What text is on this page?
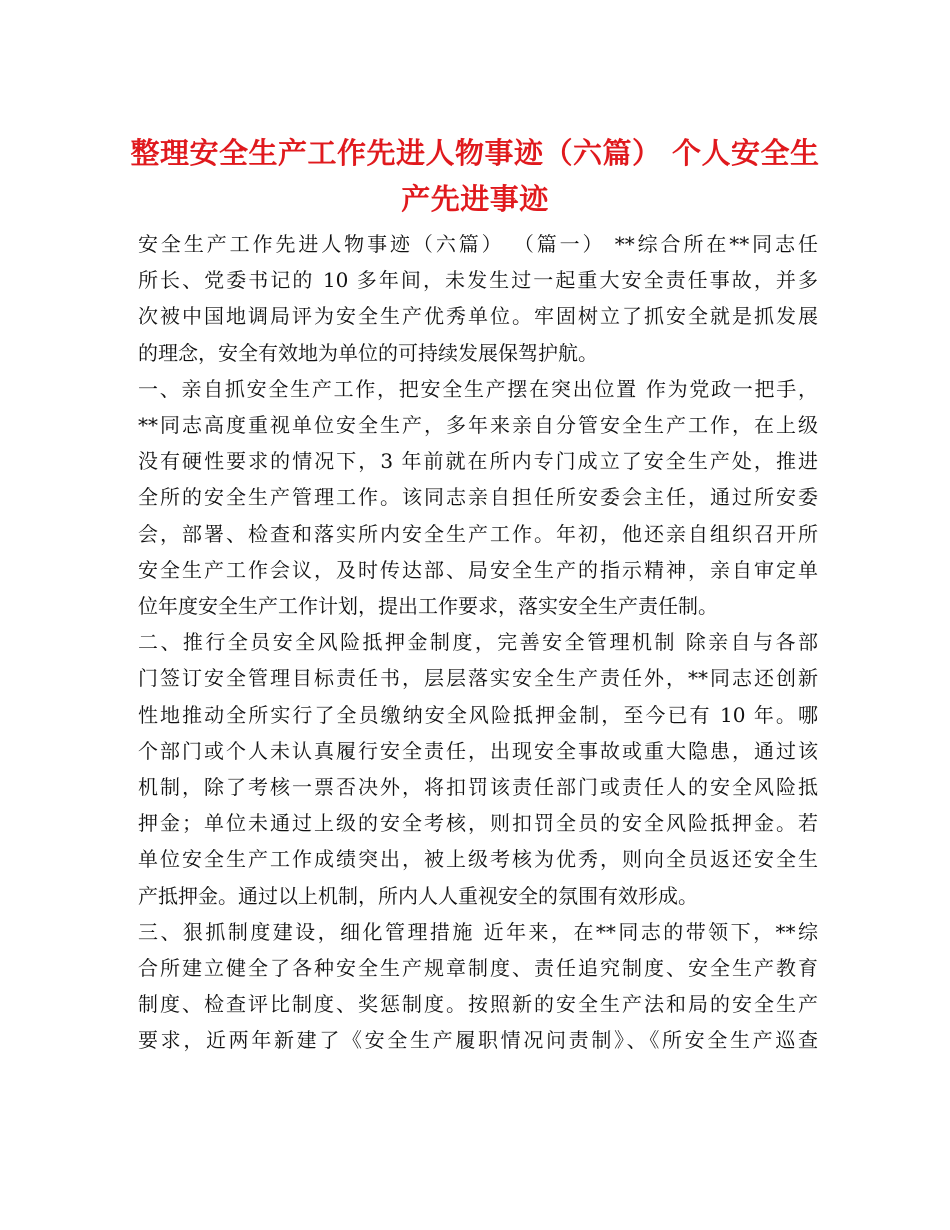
整理安全生产工作先进人物事迹（六篇） 个人安全生
产先进事迹
安全生产工作先进人物事迹（六篇） （篇一） **综合所在**同志任
所长、党委书记的 10 多年间，未发生过一起重大安全责任事故，并多
次被中国地调局评为安全生产优秀单位。牢固树立了抓安全就是抓发展
的理念，安全有效地为单位的可持续发展保驾护航。
一、亲自抓安全生产工作，把安全生产摆在突出位置 作为党政一把手，
**同志高度重视单位安全生产，多年来亲自分管安全生产工作，在上级
没有硬性要求的情况下，3 年前就在所内专门成立了安全生产处，推进
全所的安全生产管理工作。该同志亲自担任所安委会主任，通过所安委
会，部署、检查和落实所内安全生产工作。年初，他还亲自组织召开所
安全生产工作会议，及时传达部、局安全生产的指示精神，亲自审定单
位年度安全生产工作计划，提出工作要求，落实安全生产责任制。
二、推行全员安全风险抵押金制度，完善安全管理机制 除亲自与各部
门签订安全管理目标责任书，层层落实安全生产责任外，**同志还创新
性地推动全所实行了全员缴纳安全风险抵押金制，至今已有 10 年。哪
个部门或个人未认真履行安全责任，出现安全事故或重大隐患，通过该
机制，除了考核一票否决外，将扣罚该责任部门或责任人的安全风险抵
押金；单位未通过上级的安全考核，则扣罚全员的安全风险抵押金。若
单位安全生产工作成绩突出，被上级考核为优秀，则向全员返还安全生
产抵押金。通过以上机制，所内人人重视安全的氛围有效形成。
三、狠抓制度建设，细化管理措施 近年来，在**同志的带领下，**综
合所建立健全了各种安全生产规章制度、责任追究制度、安全生产教育
制度、检查评比制度、奖惩制度。按照新的安全生产法和局的安全生产
要求，近两年新建了《安全生产履职情况问责制》、《所安全生产巡查
